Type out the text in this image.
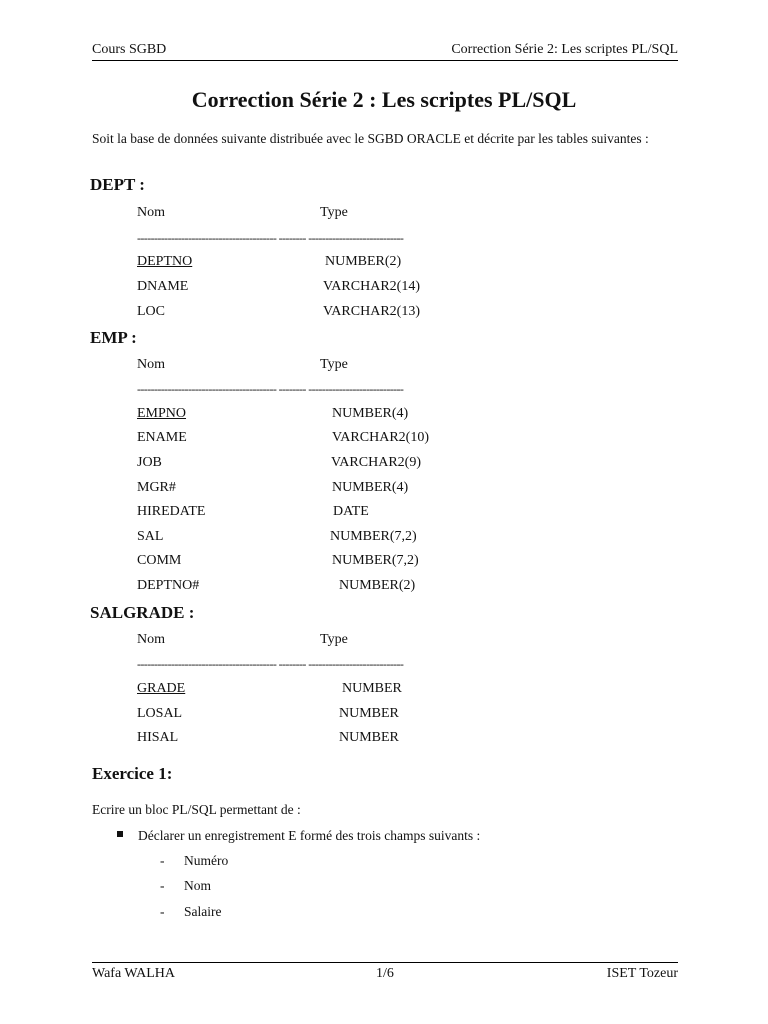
Cours SGBD	Correction Série 2: Les scriptes PL/SQL
Correction Série 2 : Les scriptes PL/SQL
Soit la base de données suivante distribuée avec le SGBD ORACLE et décrite par les tables suivantes :
DEPT :
Nom	Type
----------------------------------------- -------- ----------------------------
DEPTNO	NUMBER(2)
DNAME	VARCHAR2(14)
LOC	VARCHAR2(13)
EMP :
Nom	Type
----------------------------------------- -------- ----------------------------
EMPNO	NUMBER(4)
ENAME	VARCHAR2(10)
JOB	VARCHAR2(9)
MGR#	NUMBER(4)
HIREDATE	DATE
SAL	NUMBER(7,2)
COMM	NUMBER(7,2)
DEPTNO#	NUMBER(2)
SALGRADE :
Nom	Type
----------------------------------------- -------- ----------------------------
GRADE	NUMBER
LOSAL	NUMBER
HISAL	NUMBER
Exercice 1:
Ecrire un bloc PL/SQL permettant de :
Déclarer un enregistrement E formé des trois champs suivants :
- Numéro
- Nom
- Salaire
Wafa WALHA	1/6	ISET Tozeur
